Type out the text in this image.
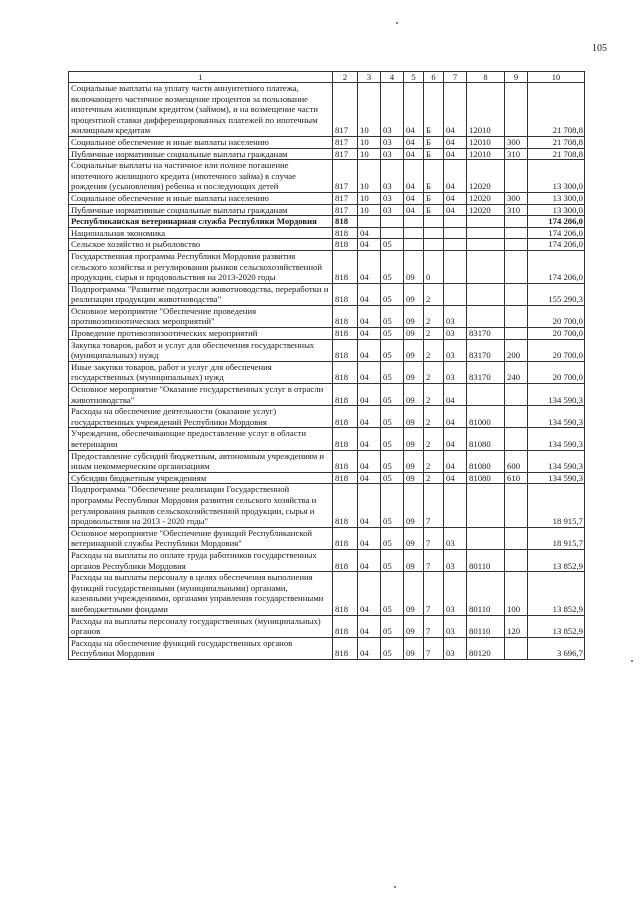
105
1	2	3	4	5	6	7	8	9	10
Социальные выплаты на уплату части аннуитетного платежа, включающего частичное возмещение процентов за пользование ипотечным жилищным кредитом (займом), и на возмещение части процентной ставки дифференцированных платежей по ипотечным жилищным кредитам	817	10	03	04	Б	04	12010		21 708,8
Социальное обеспечение и иные выплаты населению	817	10	03	04	Б	04	12010	300	21 708,8
Публичные нормативные социальные выплаты гражданам	817	10	03	04	Б	04	12010	310	21 708,8
Социальные выплаты на частичное или полное погашение ипотечного жилищного кредита (ипотечного займа) в случае рождения (усыновления) ребенка и последующих детей	817	10	03	04	Б	04	12020		13 300,0
Социальное обеспечение и иные выплаты населению	817	10	03	04	Б	04	12020	300	13 300,0
Публичные нормативные социальные выплаты гражданам	817	10	03	04	Б	04	12020	310	13 300,0
Республиканская ветеринарная служба Республики Мордовия	818								174 206,0
Национальная экономика	818	04							174 206,0
Сельское хозяйство и рыболовство	818	04	05						174 206,0
Государственная программа Республики Мордовия развития сельского хозяйства и регулирования рынков сельскохозяйственной продукции, сырья и продовольствия на 2013-2020 годы	818	04	05	09	0				174 206,0
Подпрограмма "Развитие подотрасли животноводства, переработки и реализации продукции животноводства"	818	04	05	09	2				155 290,3
Основное мероприятие "Обеспечение проведения противоэпизоотических мероприятий"	818	04	05	09	2	03			20 700,0
Проведение противоэпизоотических мероприятий	818	04	05	09	2	03	83170		20 700,0
Закупка товаров, работ и услуг для обеспечения государственных (муниципальных) нужд	818	04	05	09	2	03	83170	200	20 700,0
Иные закупки товаров, работ и услуг для обеспечения государственных (муниципальных) нужд	818	04	05	09	2	03	83170	240	20 700,0
Основное мероприятие "Оказание государственных услуг в отрасли животноводства"	818	04	05	09	2	04			134 590,3
Расходы на обеспечение деятельности (оказание услуг) государственных учреждений Республики Мордовия	818	04	05	09	2	04	81000		134 590,3
Учреждения, обеспечивающие предоставление услуг в области ветеринарии	818	04	05	09	2	04	81080		134 590,3
Предоставление субсидий бюджетным, автономным учреждениям и иным некоммерческим организациям	818	04	05	09	2	04	81080	600	134 590,3
Субсидии бюджетным учреждениям	818	04	05	09	2	04	81080	610	134 590,3
Подпрограмма "Обеспечение реализации Государственной программы Республики Мордовия развития сельского хозяйства и регулирования рынков сельскохозяйственной продукции, сырья и продовольствия на 2013 - 2020 годы"	818	04	05	09	7				18 915,7
Основное мероприятие "Обеспечение функций Республиканской ветеринарной службы Республики Мордовия"	818	04	05	09	7	03			18 915,7
Расходы на выплаты по оплате труда работников государственных органов Республики Мордовия	818	04	05	09	7	03	80110		13 852,9
Расходы на выплаты персоналу в целях обеспечения выполнения функций государственными (муниципальными) органами, казенными учреждениями, органами управления государственными внебюджетными фондами	818	04	05	09	7	03	80110	100	13 852,9
Расходы на выплаты персоналу государственных (муниципальных) органов	818	04	05	09	7	03	80110	120	13 852,9
Расходы на обеспечение функций государственных органов Республики Мордовия	818	04	05	09	7	03	80120		3 696,7
